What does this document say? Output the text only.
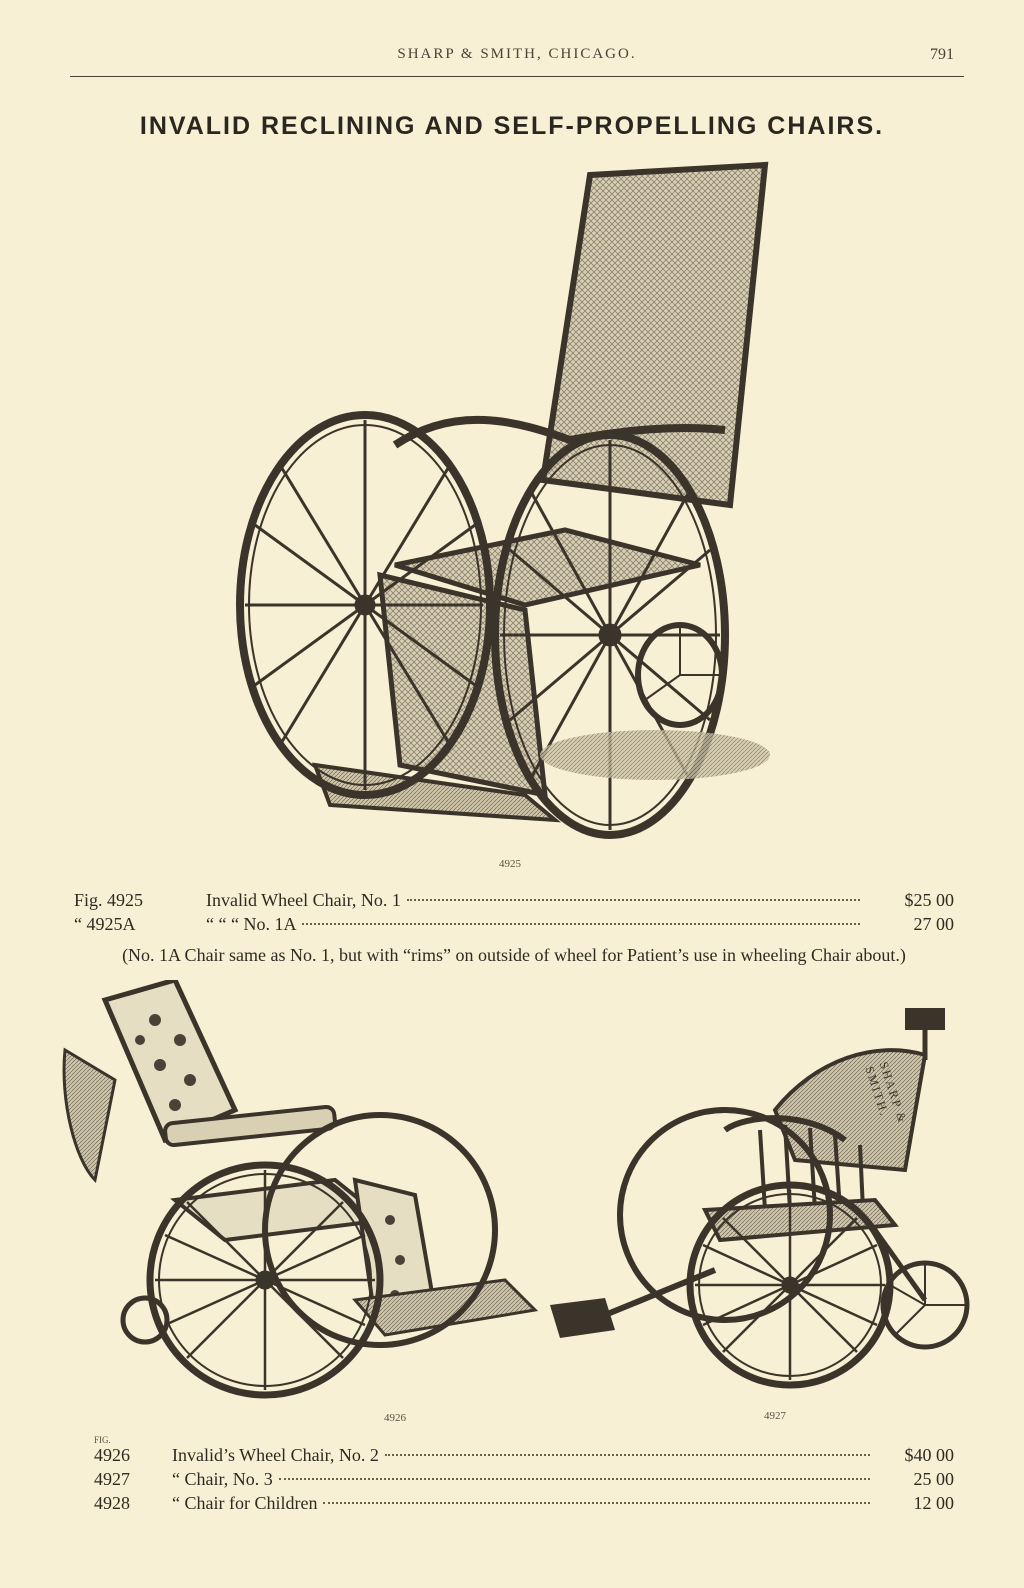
SHARP & SMITH, CHICAGO.	791
INVALID RECLINING AND SELF-PROPELLING CHAIRS.
4925
Fig. 4925	Invalid Wheel Chair, No. 1	$25 00
“ 4925A	“ “ “ No. 1A	27 00
(No. 1A Chair same as No. 1, but with “rims” on outside of wheel for Patient’s use in wheeling Chair about.)
SHARP & SMITH.
4926	4927
FIG.
4926	Invalid’s Wheel Chair, No. 2	$40 00
4927	“ Chair, No. 3	25 00
4928	“ Chair for Children	12 00
